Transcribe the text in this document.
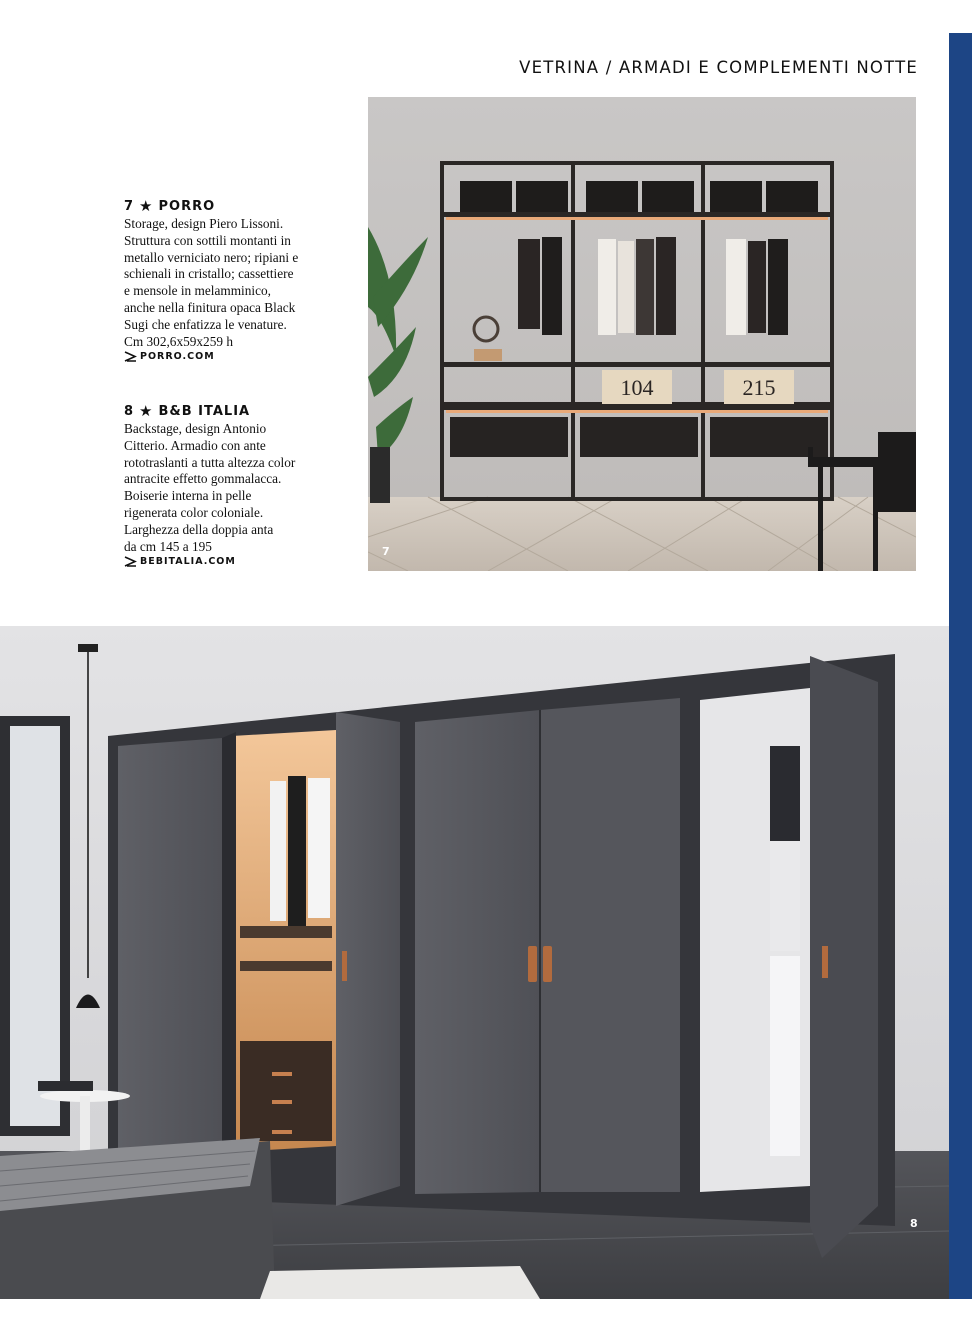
VETRINA / ARMADI E COMPLEMENTI NOTTE
7 ★ PORRO
Storage, design Piero Lissoni.
Struttura con sottili montanti in
metallo verniciato nero; ripiani e
schienali in cristallo; cassettiere
e mensole in melamminico,
anche nella finitura opaca Black
Sugi che enfatizza le venature.
Cm 302,6x59x259 h
PORRO.COM
8 ★ B&B ITALIA
Backstage, design Antonio
Citterio. Armadio con ante
rototraslanti a tutta altezza color
antracite effetto gommalacca.
Boiserie interna in pelle
rigenerata color coloniale.
Larghezza della doppia anta
da cm 145 a 195
BEBITALIA.COM
104	215
7
8
